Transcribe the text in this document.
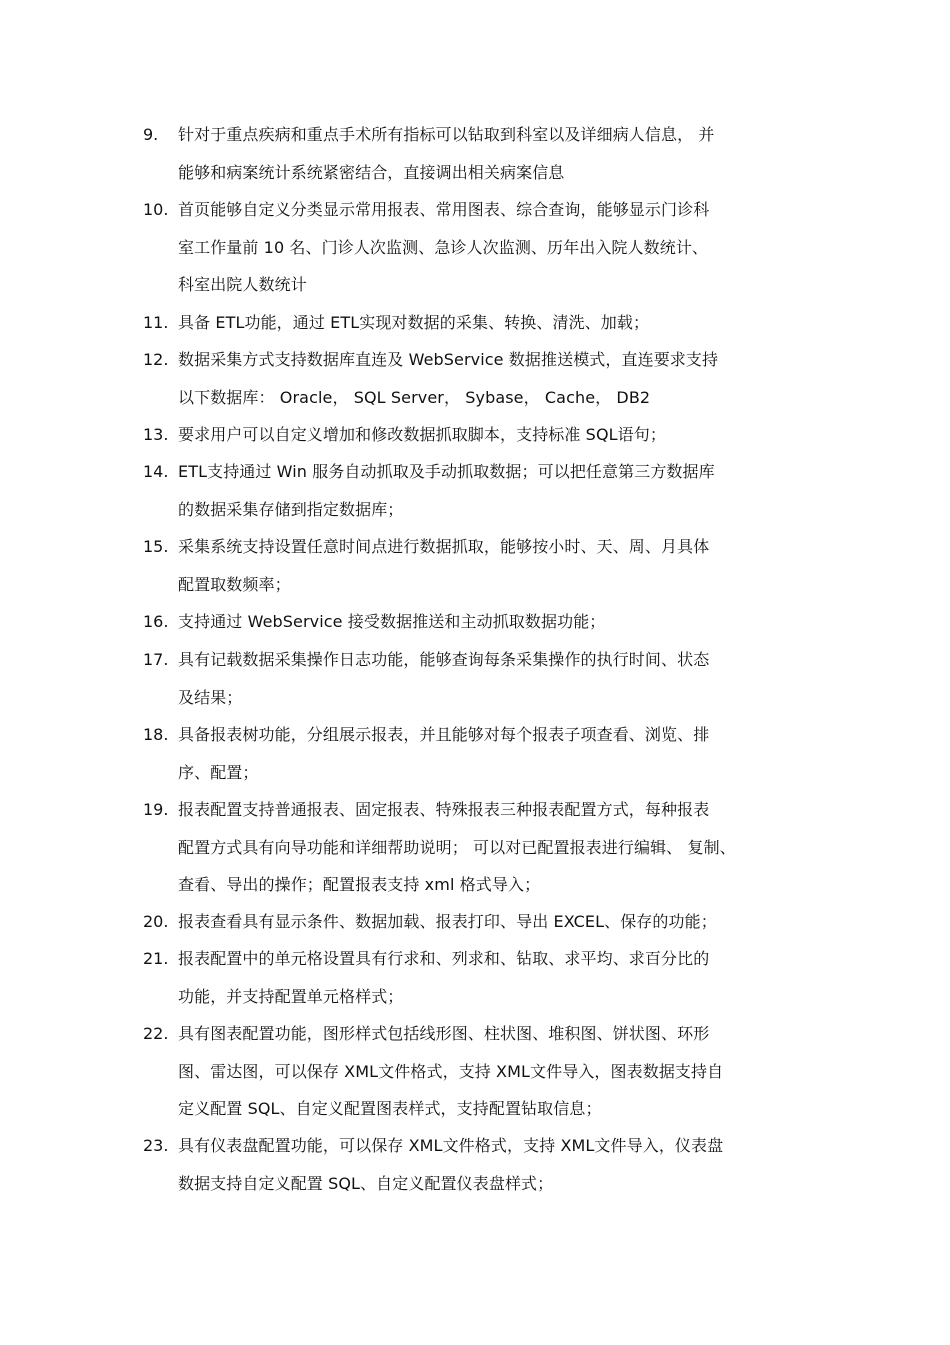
9. 针对于重点疾病和重点手术所有指标可以钻取到科室以及详细病人信息， 并
能够和病案统计系统紧密结合，直接调出相关病案信息
10. 首页能够自定义分类显示常用报表、常用图表、综合查询，能够显示门诊科
室工作量前 10 名、门诊人次监测、急诊人次监测、历年出入院人数统计、
科室出院人数统计
11. 具备 ETL功能，通过 ETL实现对数据的采集、转换、清洗、加载；
12. 数据采集方式支持数据库直连及 WebService 数据推送模式，直连要求支持
以下数据库： Oracle， SQL Server， Sybase， Cache， DB2
13. 要求用户可以自定义增加和修改数据抓取脚本，支持标准 SQL语句；
14. ETL支持通过 Win 服务自动抓取及手动抓取数据；可以把任意第三方数据库
的数据采集存储到指定数据库；
15. 采集系统支持设置任意时间点进行数据抓取，能够按小时、天、周、月具体
配置取数频率；
16. 支持通过 WebService 接受数据推送和主动抓取数据功能；
17. 具有记载数据采集操作日志功能，能够查询每条采集操作的执行时间、状态
及结果；
18. 具备报表树功能，分组展示报表，并且能够对每个报表子项查看、浏览、排
序、配置；
19. 报表配置支持普通报表、固定报表、特殊报表三种报表配置方式，每种报表
配置方式具有向导功能和详细帮助说明； 可以对已配置报表进行编辑、 复制、
查看、导出的操作；配置报表支持 xml 格式导入；
20. 报表查看具有显示条件、数据加载、报表打印、导出 EXCEL、保存的功能；
21. 报表配置中的单元格设置具有行求和、列求和、钻取、求平均、求百分比的
功能，并支持配置单元格样式；
22. 具有图表配置功能，图形样式包括线形图、柱状图、堆积图、饼状图、环形
图、雷达图，可以保存 XML文件格式，支持 XML文件导入，图表数据支持自
定义配置 SQL、自定义配置图表样式，支持配置钻取信息；
23. 具有仪表盘配置功能，可以保存 XML文件格式，支持 XML文件导入，仪表盘
数据支持自定义配置 SQL、自定义配置仪表盘样式；
